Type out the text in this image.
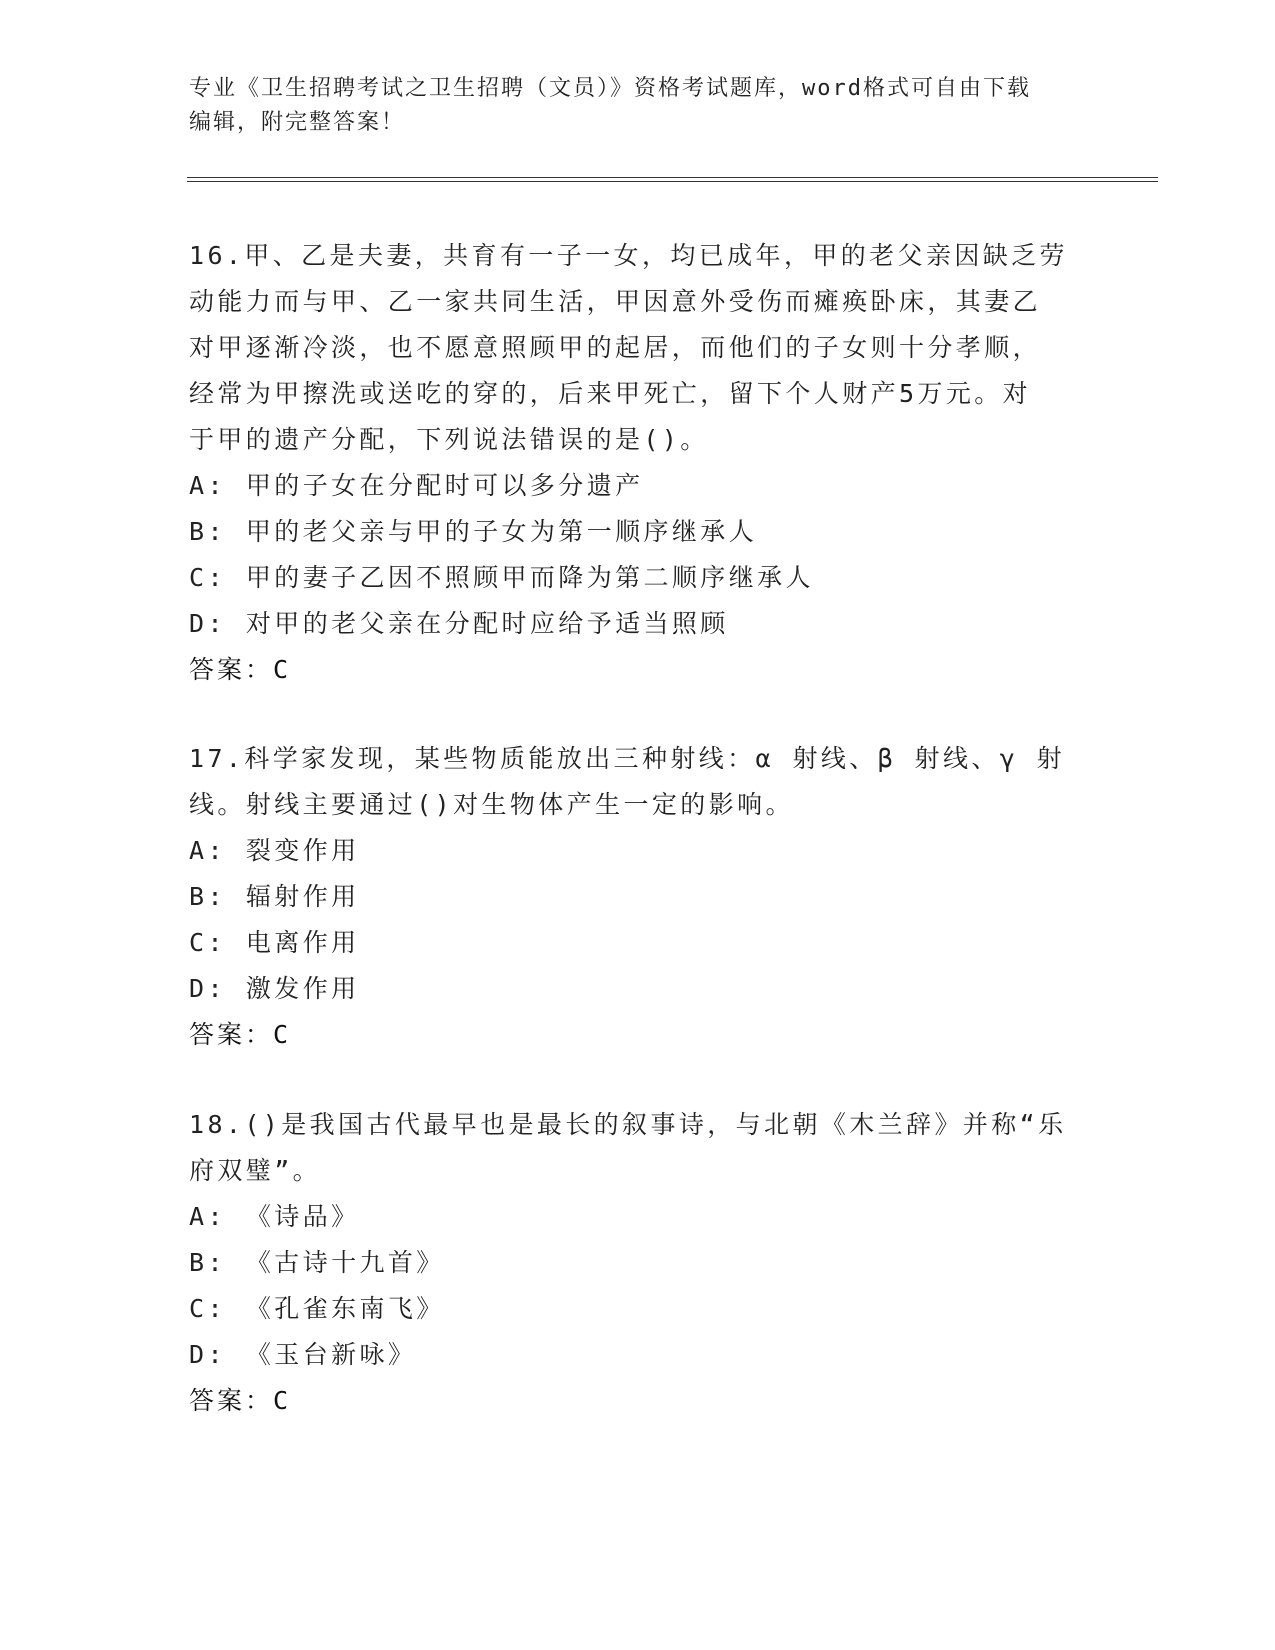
专业《卫生招聘考试之卫生招聘（文员）》资格考试题库，word格式可自由下载
编辑，附完整答案！

16.甲、乙是夫妻，共育有一子一女，均已成年，甲的老父亲因缺乏劳

动能力而与甲、乙一家共同生活，甲因意外受伤而瘫痪卧床，其妻乙

对甲逐渐冷淡，也不愿意照顾甲的起居，而他们的子女则十分孝顺，

经常为甲擦洗或送吃的穿的，后来甲死亡，留下个人财产5万元。对

于甲的遗产分配，下列说法错误的是()。

A: 甲的子女在分配时可以多分遗产

B: 甲的老父亲与甲的子女为第一顺序继承人

C: 甲的妻子乙因不照顾甲而降为第二顺序继承人

D: 对甲的老父亲在分配时应给予适当照顾

答案：C

17.科学家发现，某些物质能放出三种射线：α 射线、β 射线、γ 射

线。射线主要通过()对生物体产生一定的影响。

A: 裂变作用

B: 辐射作用

C: 电离作用

D: 激发作用

答案：C

18.()是我国古代最早也是最长的叙事诗，与北朝《木兰辞》并称“乐

府双璧”。

A: 《诗品》

B: 《古诗十九首》

C: 《孔雀东南飞》

D: 《玉台新咏》

答案：C
